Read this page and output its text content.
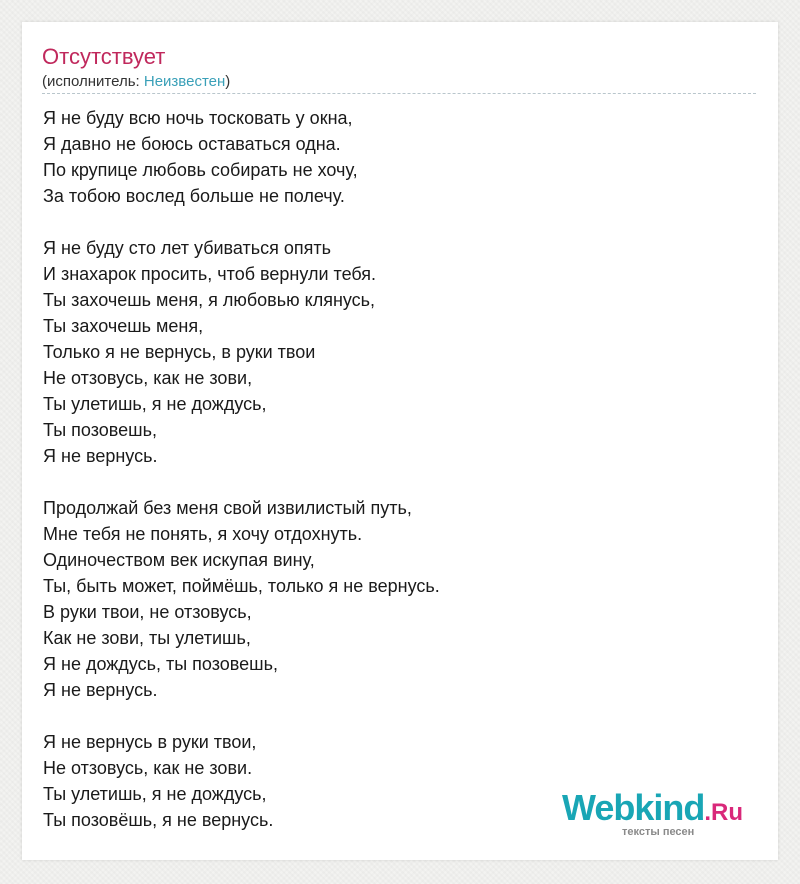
Отсутствует
(исполнитель: Неизвестен)
Я не буду всю ночь тосковать у окна,
Я давно не боюсь оставаться одна.
По крупице любовь собирать не хочу,
За тобою вослед больше не полечу.
Я не буду сто лет убиваться опять
И знахарок просить, чтоб вернули тебя.
Ты захочешь меня, я любовью клянусь,
Ты захочешь меня,
Только я не вернусь, в руки твои
Не отзовусь, как не зови,
Ты улетишь, я не дождусь,
Ты позовешь,
Я не вернусь.
Продолжай без меня свой извилистый путь,
Мне тебя не понять, я хочу отдохнуть.
Одиночеством век искупая вину,
Ты, быть может, поймёшь, только я не вернусь.
В руки твои, не отзовусь,
Как не зови, ты улетишь,
Я не дождусь, ты позовешь,
Я не вернусь.
Я не вернусь в руки твои,
Не отзовусь, как не зови.
Ты улетишь, я не дождусь,
Ты позовёшь, я не вернусь.	Webkind.Ru
тексты песен
